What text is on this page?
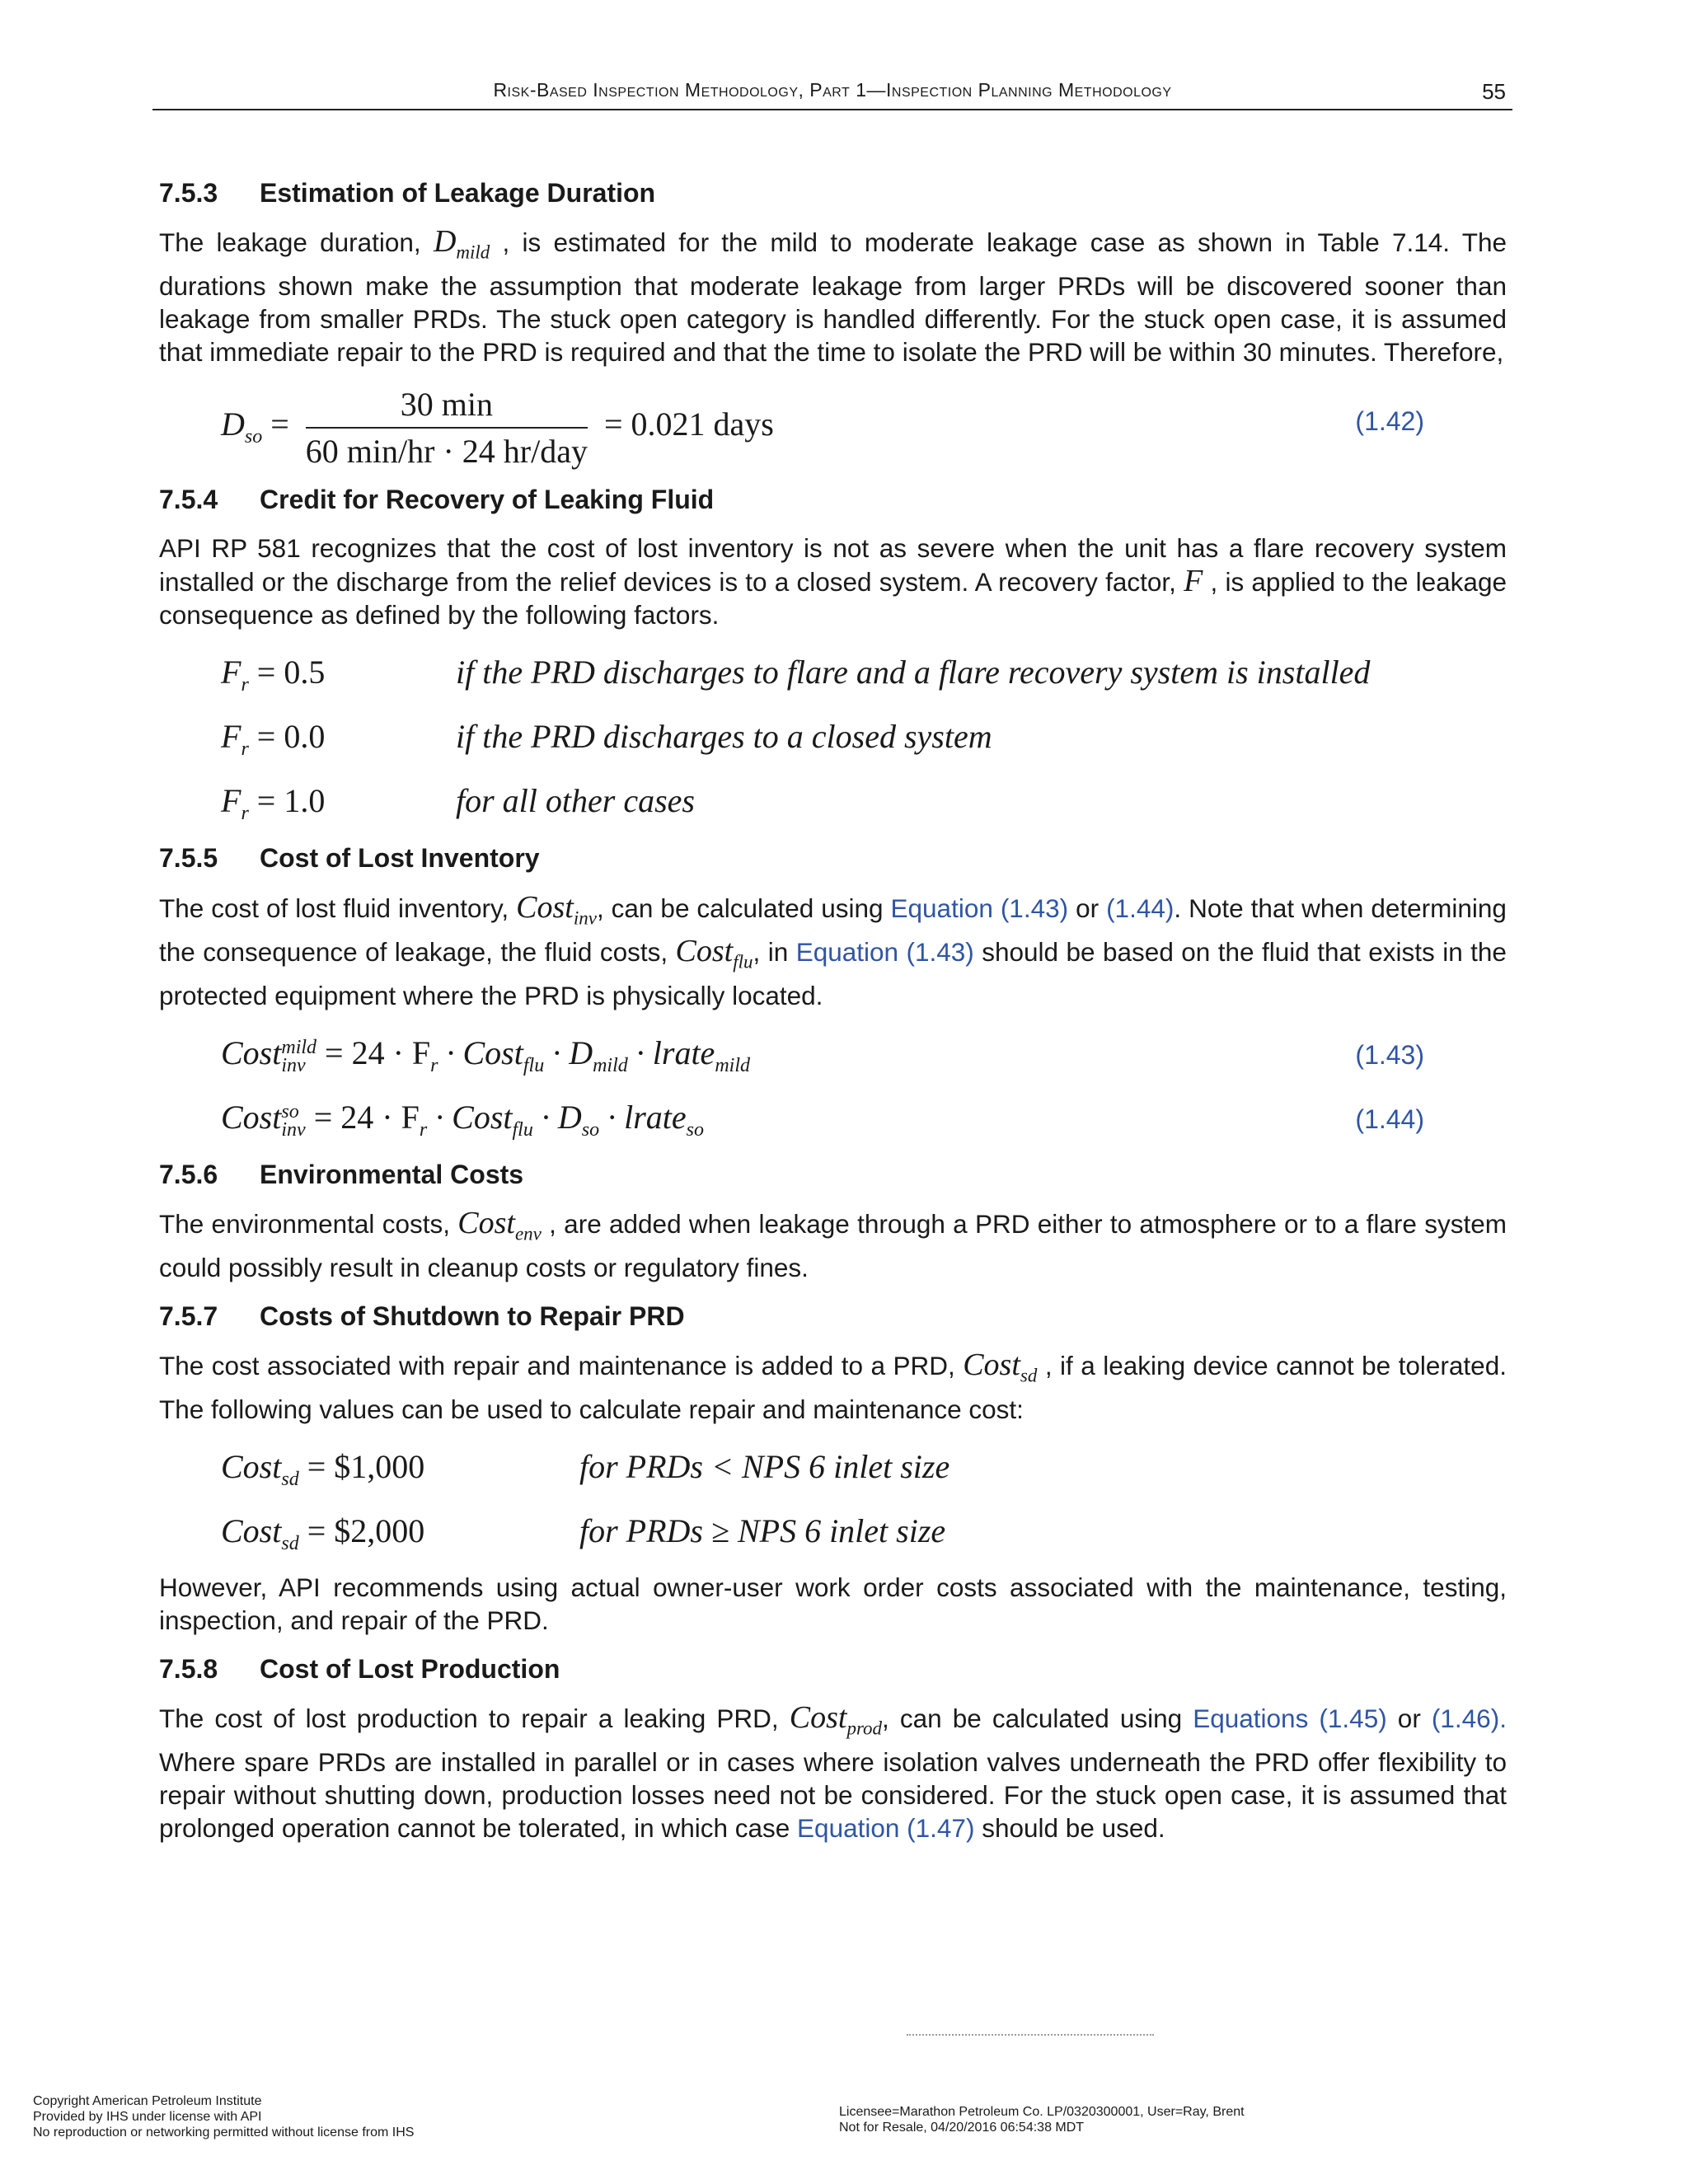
Risk-Based Inspection Methodology, Part 1—Inspection Planning Methodology	55
7.5.3 Estimation of Leakage Duration

The leakage duration, $D_{mild}$ , is estimated for the mild to moderate leakage case as shown in Table 7.14. The durations shown make the assumption that moderate leakage from larger PRDs will be discovered sooner than leakage from smaller PRDs. The stuck open category is handled differently. For the stuck open case, it is assumed that immediate repair to the PRD is required and that the time to isolate the PRD will be within 30 minutes. Therefore,

$D_{so} = \frac{30 \min}{\text{60 min/hr · 24 hr/day}} = 0.021$ days	(1.42)
7.5.4 Credit for Recovery of Leaking Fluid

API RP 581 recognizes that the cost of lost inventory is not as severe when the unit has a flare recovery system installed or the discharge from the relief devices is to a closed system. A recovery factor, F , is applied to the leakage consequence as defined by the following factors.

$F_r = 0.5$	if the PRD discharges to flare and a flare recovery system is installed
$F_r = 0.0$	if the PRD discharges to a closed system
$F_r = 1.0$	for all other cases
7.5.5 Cost of Lost Inventory

The cost of lost fluid inventory, Cost$_{inv}$, can be calculated using Equation (1.43) or (1.44). Note that when determining the consequence of leakage, the fluid costs, Cost$_{flu}$, in Equation (1.43) should be based on the fluid that exists in the protected equipment where the PRD is physically located.

Cost mild
inv = $24 \cdot F_r$ · Cost$_{flu}$ · $D_{mild}$ · lrate$_{mild}$	(1.43)
Cost so
inv = $24 \cdot F_r$ · Cost$_{flu}$ · $D_{so}$ · lrate$_{so}$	(1.44)
7.5.6 Environmental Costs

The environmental costs, Cost$_{env}$ , are added when leakage through a PRD either to atmosphere or to a flare system could possibly result in cleanup costs or regulatory fines.

7.5.7 Costs of Shutdown to Repair PRD

The cost associated with repair and maintenance is added to a PRD, Cost$_{sd}$ , if a leaking device cannot be tolerated. The following values can be used to calculate repair and maintenance cost:

Cost$_{sd}$ = $1,000	for PRDs < NPS 6 inlet size
Cost$_{sd}$ = $2,000	for PRDs ≥ NPS 6 inlet size

However, API recommends using actual owner-user work order costs associated with the maintenance, testing, inspection, and repair of the PRD.

7.5.8 Cost of Lost Production

The cost of lost production to repair a leaking PRD, Cost$_{prod}$, can be calculated using Equations (1.45) or (1.46). Where spare PRDs are installed in parallel or in cases where isolation valves underneath the PRD offer flexibility to repair without shutting down, production losses need not be considered. For the stuck open case, it is assumed that prolonged operation cannot be tolerated, in which case Equation (1.47) should be used.

Copyright American Petroleum Institute
Provided by IHS under license with API
No reproduction or networking permitted without license from IHS
Licensee=Marathon Petroleum Co. LP/0320300001, User=Ray, Brent
Not for Resale, 04/20/2016 06:54:38 MDT
